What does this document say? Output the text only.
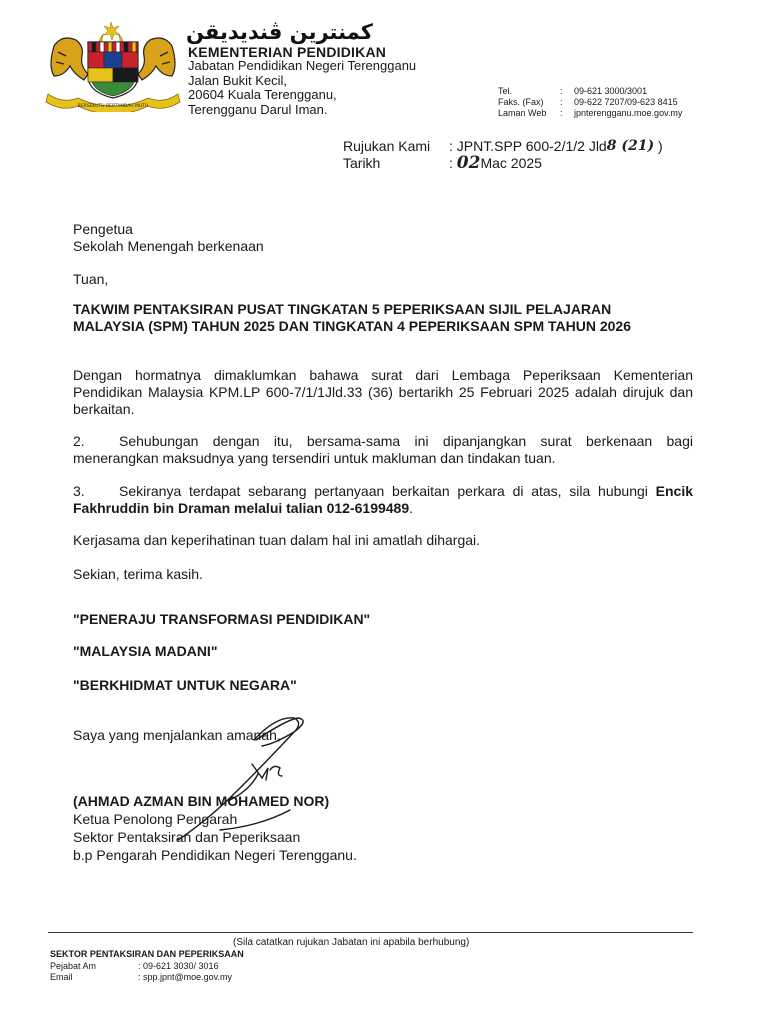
BERSEKUTU BERTAMBAH MUTU
كمنترين ڤنديديقن
KEMENTERIAN PENDIDIKAN
Jabatan Pendidikan Negeri Terengganu
Jalan Bukit Kecil,
20604 Kuala Terengganu,
Terengganu Darul Iman.
Tel.	:	09-621 3000/3001
Faks. (Fax)	:	09-622 7207/09-623 8415
Laman Web	:	jpnterengganu.moe.gov.my
Rujukan Kami	: JPNT.SPP 600-2/1/2 Jld 8 (21) )
Tarikh	: 02 Mac 2025
Pengetua
Sekolah Menengah berkenaan
Tuan,
TAKWIM PENTAKSIRAN PUSAT TINGKATAN 5 PEPERIKSAAN SIJIL PELAJARAN MALAYSIA (SPM) TAHUN 2025 DAN TINGKATAN 4 PEPERIKSAAN SPM TAHUN 2026
Dengan hormatnya dimaklumkan bahawa surat dari Lembaga Peperiksaan Kementerian Pendidikan Malaysia KPM.LP 600-7/1/1Jld.33 (36) bertarikh 25 Februari 2025 adalah dirujuk dan berkaitan.
2. Sehubungan dengan itu, bersama-sama ini dipanjangkan surat berkenaan bagi menerangkan maksudnya yang tersendiri untuk makluman dan tindakan tuan.
3. Sekiranya terdapat sebarang pertanyaan berkaitan perkara di atas, sila hubungi Encik Fakhruddin bin Draman melalui talian 012-6199489.
Kerjasama dan keperihatinan tuan dalam hal ini amatlah dihargai.
Sekian, terima kasih.
"PENERAJU TRANSFORMASI PENDIDIKAN"
"MALAYSIA MADANI"
"BERKHIDMAT UNTUK NEGARA"
Saya yang menjalankan amanah,
(AHMAD AZMAN BIN MOHAMED NOR)
Ketua Penolong Pengarah
Sektor Pentaksiran dan Peperiksaan
b.p Pengarah Pendidikan Negeri Terengganu.
(Sila catatkan rujukan Jabatan ini apabila berhubung)
SEKTOR PENTAKSIRAN DAN PEPERIKSAAN
Pejabat Am	: 09-621 3030/ 3016
Email	: spp.jpnt@moe.gov.my
